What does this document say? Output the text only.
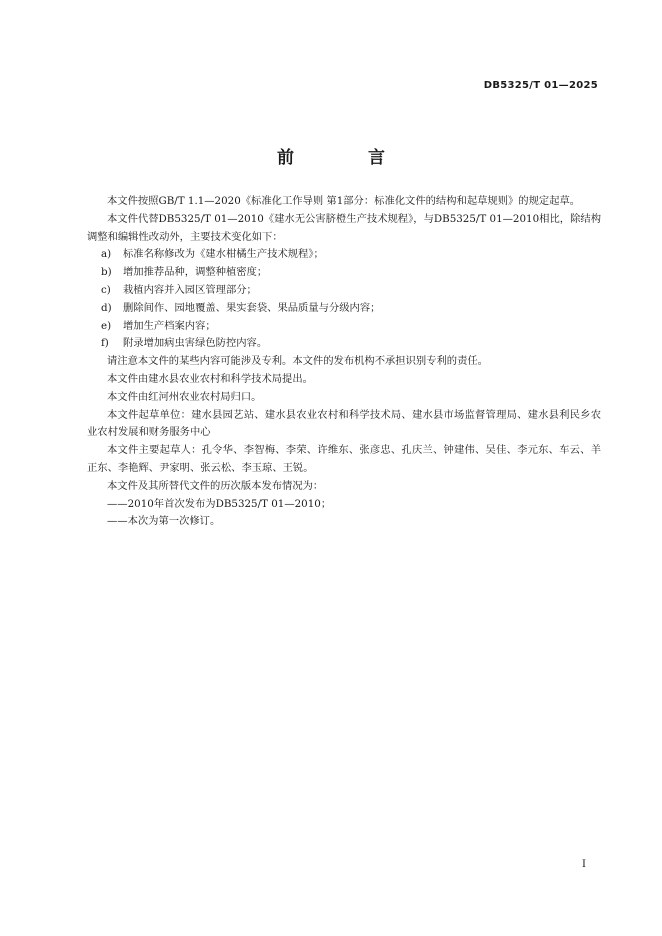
DB5325/T 01—2025
前 言

本文件按照GB/T 1.1—2020《标准化工作导则 第1部分：标准化文件的结构和起草规则》的规定起草。

本文件代替DB5325/T 01—2010《建水无公害脐橙生产技术规程》，与DB5325/T 01—2010相比，除结构调整和编辑性改动外，主要技术变化如下：

a)	标准名称修改为《建水柑橘生产技术规程》；
b)	增加推荐品种，调整种植密度；
c)	栽植内容并入园区管理部分；
d)	删除间作、园地覆盖、果实套袋、果品质量与分级内容；
e)	增加生产档案内容；
f)	附录增加病虫害绿色防控内容。

请注意本文件的某些内容可能涉及专利。本文件的发布机构不承担识别专利的责任。

本文件由建水县农业农村和科学技术局提出。

本文件由红河州农业农村局归口。

本文件起草单位：建水县园艺站、建水县农业农村和科学技术局、建水县市场监督管理局、建水县利民乡农业农村发展和财务服务中心

本文件主要起草人：孔令华、李智梅、李荣、许维东、张彦忠、孔庆兰、钟建伟、吴佳、李元东、车云、羊正东、李艳辉、尹家明、张云松、李玉琼、王锐。

本文件及其所替代文件的历次版本发布情况为：

——2010年首次发布为DB5325/T 01—2010；

——本次为第一次修订。

I
